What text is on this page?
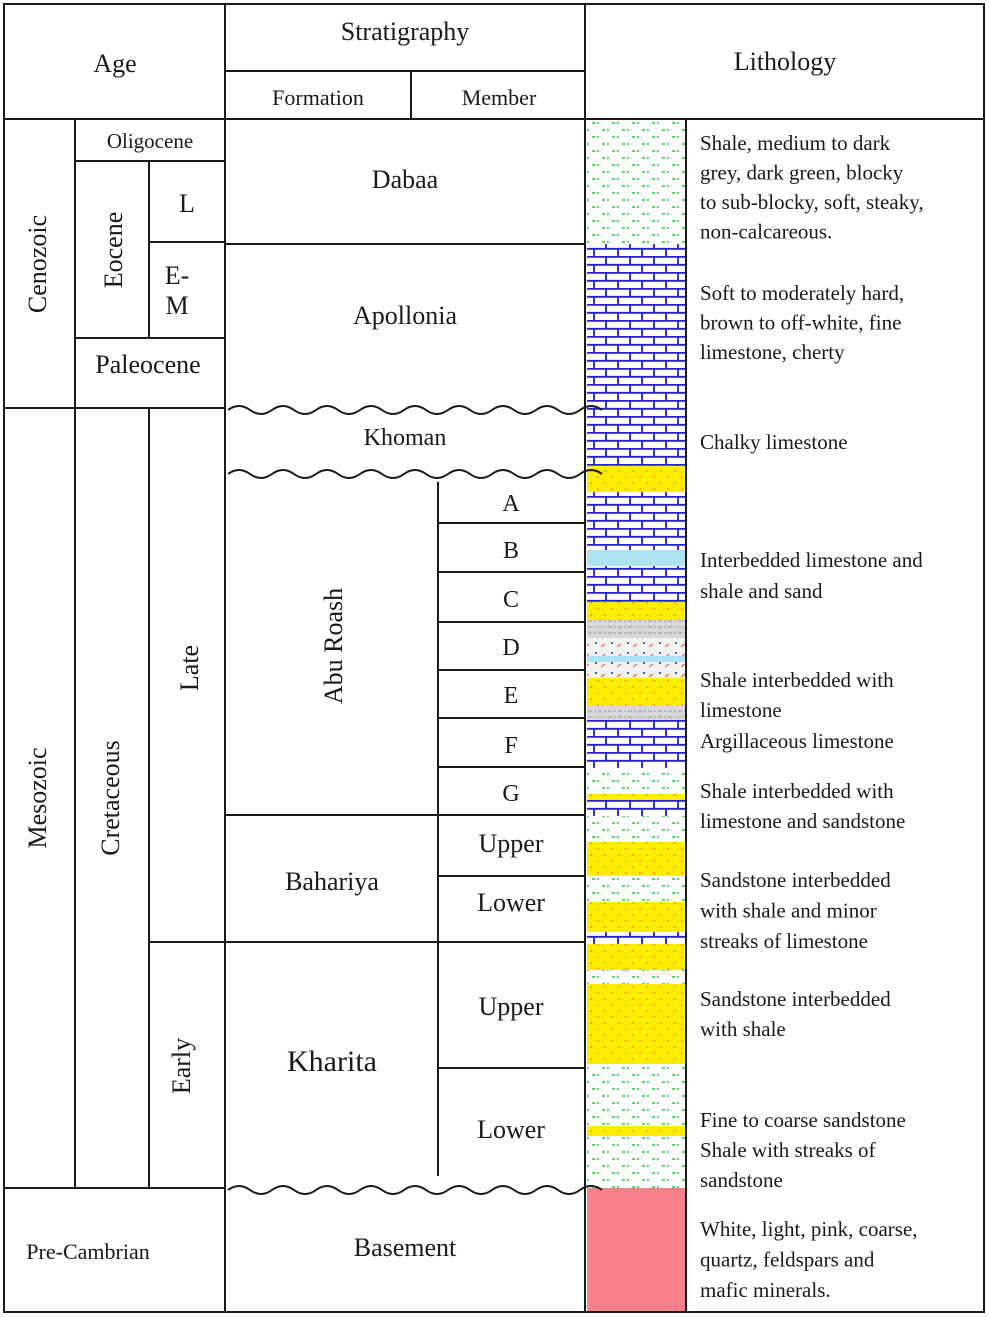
Age
Stratigraphy
Formation	Member
Lithology
Cenozoic
Mesozoic
Pre-Cambrian
Cretaceous
Oligocene
Eocene
L
E-M
Paleocene
Late
Early
Dabaa
Apollonia
Khoman
Abu Roash
Bahariya
Kharita
Basement
A
B
C
D
E
F
G
Upper
Lower
Upper
Lower
Shale, medium to dark grey, dark green, blocky to sub-blocky, soft, steaky, non-calcareous.
Soft to moderately hard, brown to off-white, fine limestone, cherty
Chalky limestone
Interbedded limestone and shale and sand
Shale interbedded with limestone
Argillaceous limestone
Shale interbedded with limestone and sandstone
Sandstone interbedded with shale and minor streaks of limestone
Sandstone interbedded with shale
Fine to coarse sandstone Shale with streaks of sandstone
White, light, pink, coarse, quartz, feldspars and mafic minerals.
